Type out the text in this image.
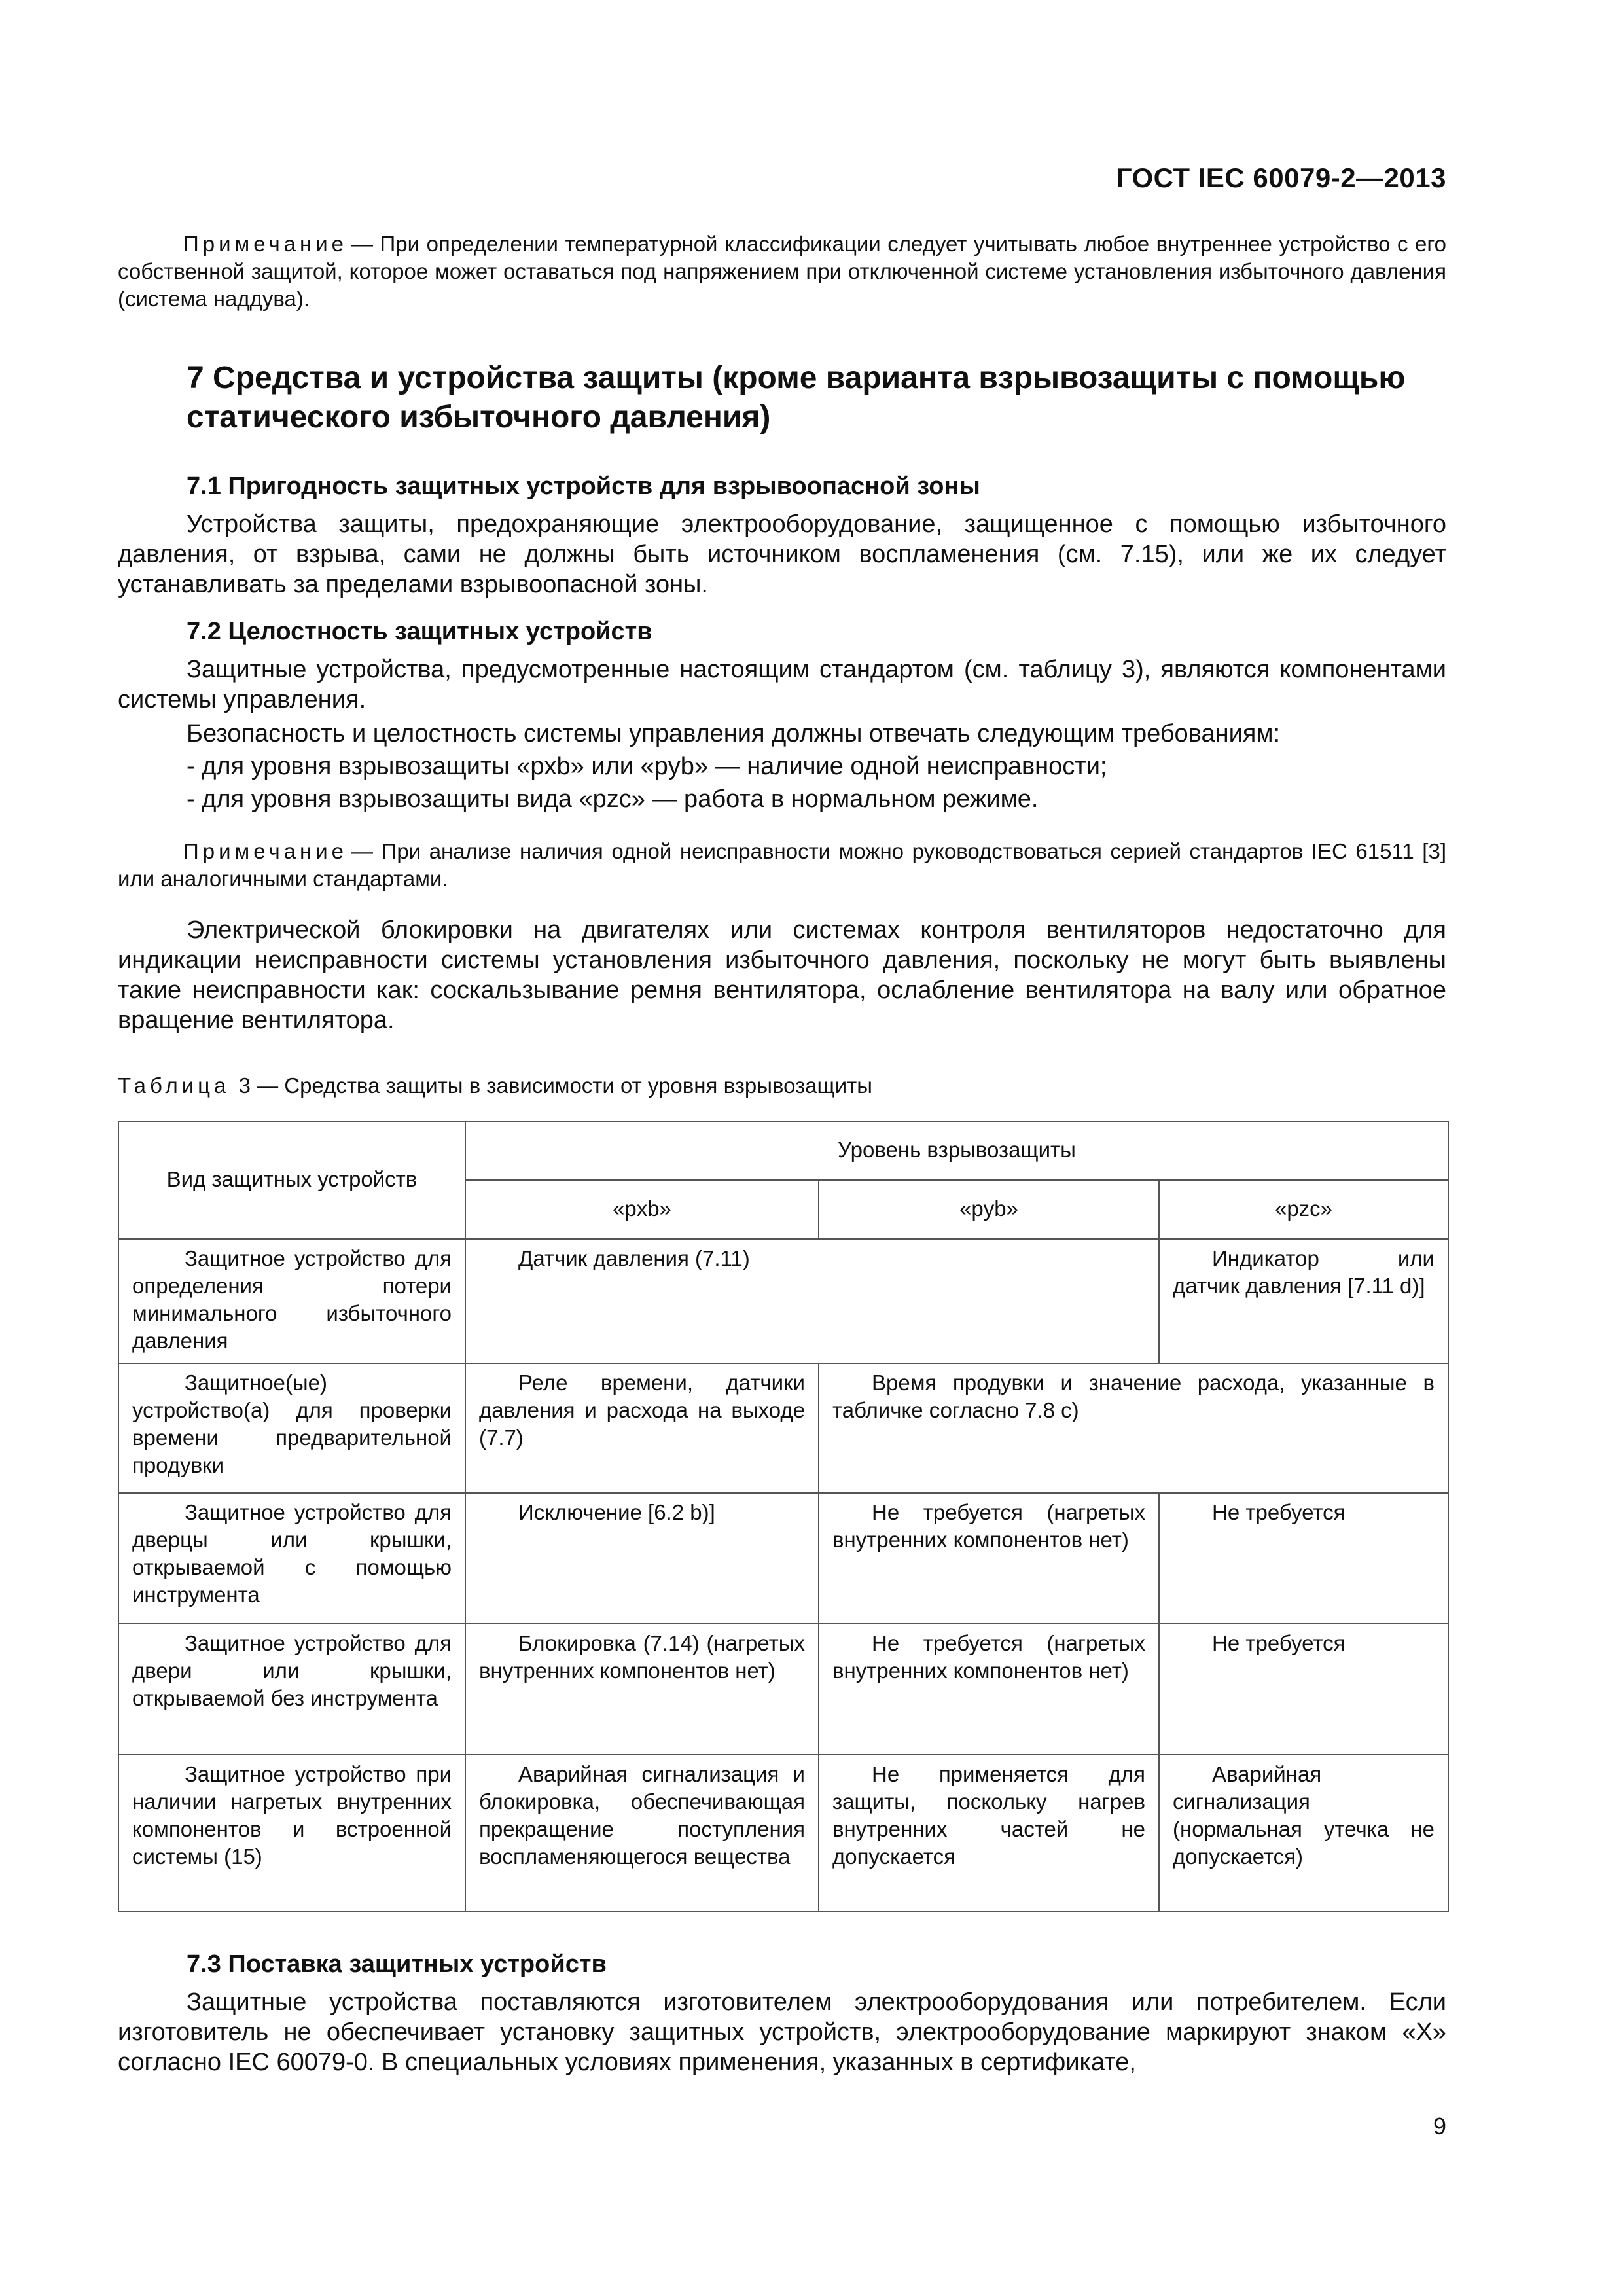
ГОСТ IEC 60079-2—2013
Примечание — При определении температурной классификации следует учитывать любое внутреннее устройство с его собственной защитой, которое может оставаться под напряжением при отключенной системе установления избыточного давления (система наддува).
7 Средства и устройства защиты (кроме варианта взрывозащиты с помощью статического избыточного давления)
7.1 Пригодность защитных устройств для взрывоопасной зоны
Устройства защиты, предохраняющие электрооборудование, защищенное с помощью избыточного давления, от взрыва, сами не должны быть источником воспламенения (см. 7.15), или же их следует устанавливать за пределами взрывоопасной зоны.
7.2 Целостность защитных устройств
Защитные устройства, предусмотренные настоящим стандартом (см. таблицу 3), являются компонентами системы управления.
Безопасность и целостность системы управления должны отвечать следующим требованиям:
- для уровня взрывозащиты «pxb» или «pyb» — наличие одной неисправности;
- для уровня взрывозащиты вида «pzc» — работа в нормальном режиме.
Примечание — При анализе наличия одной неисправности можно руководствоваться серией стандартов IEC 61511 [3] или аналогичными стандартами.
Электрической блокировки на двигателях или системах контроля вентиляторов недостаточно для индикации неисправности системы установления избыточного давления, поскольку не могут быть выявлены такие неисправности как: соскальзывание ремня вентилятора, ослабление вентилятора на валу или обратное вращение вентилятора.
Таблица 3 — Средства защиты в зависимости от уровня взрывозащиты
Вид защитных устройств	Уровень взрывозащиты		
	«pxb»	«pyb»	«pzc»
Защитное устройство для определения потери минимального избыточного давления	Датчик давления (7.11)		Индикатор или датчик давления [7.11 d)]
Защитное(ые) устройство(а) для проверки времени предварительной продувки	Реле времени, датчики давления и расхода на выходе (7.7)	Время продувки и значение расхода, указанные в табличке согласно 7.8 с)	
Защитное устройство для дверцы или крышки, открываемой с помощью инструмента	Исключение [6.2 b)]	Не требуется (нагретых внутренних компонентов нет)	Не требуется
Защитное устройство для двери или крышки, открываемой без инструмента	Блокировка (7.14) (нагретых внутренних компонентов нет)	Не требуется (нагретых внутренних компонентов нет)	Не требуется
Защитное устройство при наличии нагретых внутренних компонентов и встроенной системы (15)	Аварийная сигнализация и блокировка, обеспечивающая прекращение поступления воспламеняющегося вещества	Не применяется для защиты, поскольку нагрев внутренних частей не допускается	Аварийная сигнализация (нормальная утечка не допускается)
7.3 Поставка защитных устройств
Защитные устройства поставляются изготовителем электрооборудования или потребителем. Если изготовитель не обеспечивает установку защитных устройств, электрооборудование маркируют знаком «X» согласно IEC 60079-0. В специальных условиях применения, указанных в сертификате,
9
